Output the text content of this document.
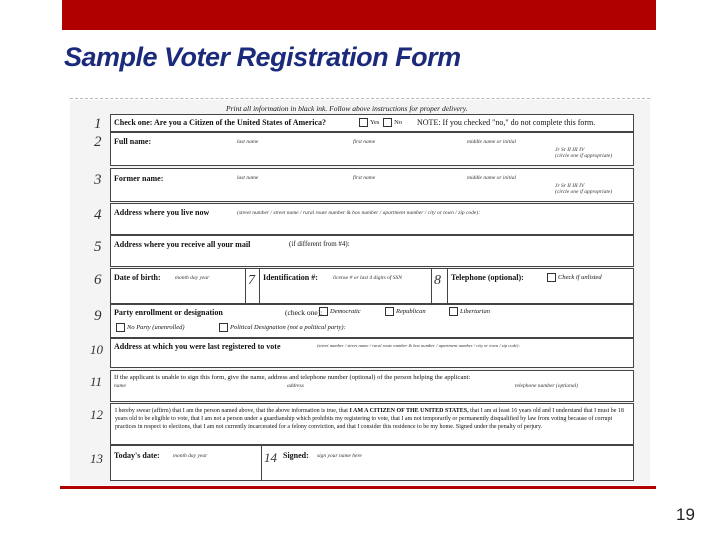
Sample Voter Registration Form
Print all information in black ink. Follow above instructions for proper delivery.
1 Check one: Are you a Citizen of the United States of America?	Yes No NOTE: If you checked "no," do not complete this form.
2 Full name:	last name	first name	middle name or initial
Jr Sr II III IV
(circle one if appropriate)
3 Former name:	last name	first name	middle name or initial
Jr Sr II III IV
(circle one if appropriate)
4 Address where you live now	(street number / street name / rural route number & box number / apartment number / city or town / zip code):
5 Address where you receive all your mail	(if different from #4):
6 Date of birth:	month day year	7 Identification #:	license # or last 4 digits of SSN 8 Telephone (optional):	Check if unlisted
9 Party enrollment or designation	(check one):	Democratic	Republican	Libertarian
No Party (unenrolled)	Political Designation (not a political party):
10 Address at which you were last registered to vote	(street number / street name / rural route number & box number / apartment number / city or town / zip code):
11 If the applicant is unable to sign this form, give the name, address and telephone number (optional) of the person helping the applicant:
name	address	telephone number (optional)
12 I hereby swear (affirm) that I am the person named above, that the above information is true, that I AM A CITIZEN OF THE UNITED STATES, that I am at least 16 years old and I understand that I must be 18 years old to be eligible to vote, that I am not a person under a guardianship which prohibits my registering to vote, that I am not temporarily or permanently disqualified by law from voting because of corrupt practices in respect to elections, that I am not currently incarcerated for a felony conviction, and that I consider this residence to be my home. Signed under the penalty of perjury.
13 Today's date: month day year	14 Signed: sign your name here
19
